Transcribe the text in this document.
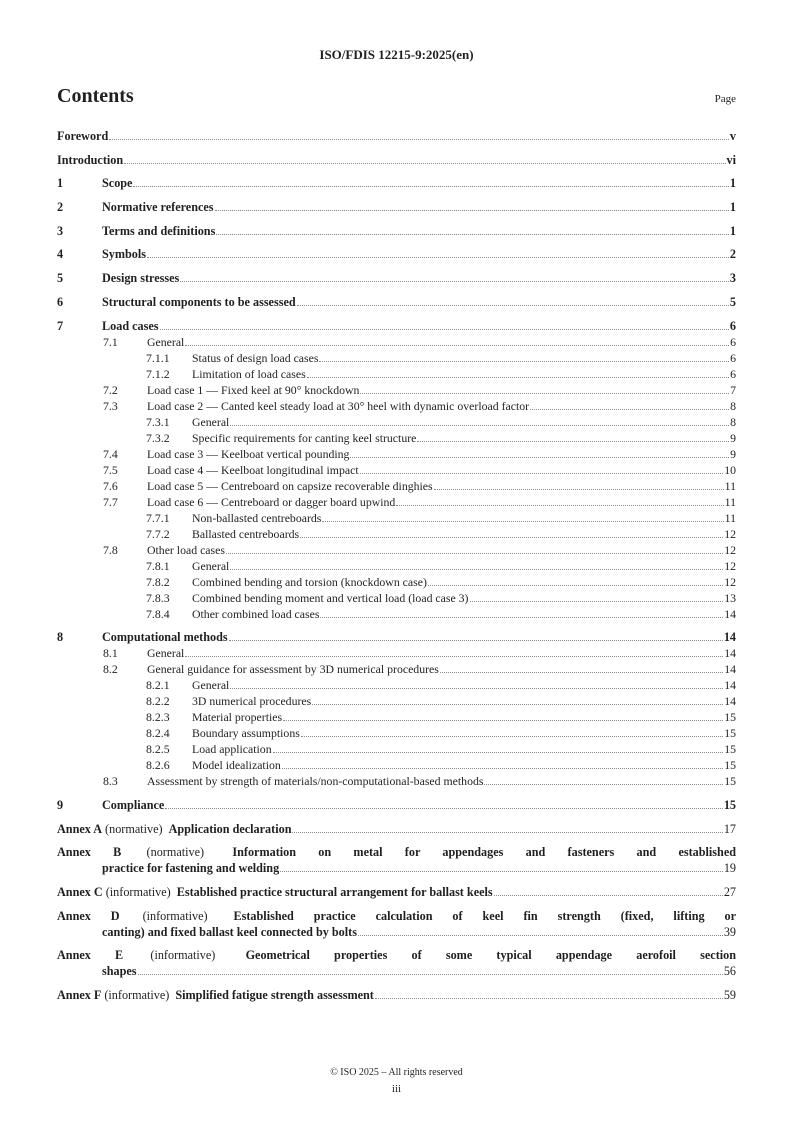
ISO/FDIS 12215-9:2025(en)
Contents	Page
Foreword	v
Introduction	vi
1	Scope	1
2	Normative references	1
3	Terms and definitions	1
4	Symbols	2
5	Design stresses	3
6	Structural components to be assessed	5
7	Load cases	6
7.1	General	6
7.1.1	Status of design load cases	6
7.1.2	Limitation of load cases	6
7.2	Load case 1 — Fixed keel at 90° knockdown	7
7.3	Load case 2 — Canted keel steady load at 30° heel with dynamic overload factor	8
7.3.1	General	8
7.3.2	Specific requirements for canting keel structure	9
7.4	Load case 3 — Keelboat vertical pounding	9
7.5	Load case 4 — Keelboat longitudinal impact	10
7.6	Load case 5 — Centreboard on capsize recoverable dinghies	11
7.7	Load case 6 — Centreboard or dagger board upwind	11
7.7.1	Non-ballasted centreboards	11
7.7.2	Ballasted centreboards	12
7.8	Other load cases	12
7.8.1	General	12
7.8.2	Combined bending and torsion (knockdown case)	12
7.8.3	Combined bending moment and vertical load (load case 3)	13
7.8.4	Other combined load cases	14
8	Computational methods	14
8.1	General	14
8.2	General guidance for assessment by 3D numerical procedures	14
8.2.1	General	14
8.2.2	3D numerical procedures	14
8.2.3	Material properties	15
8.2.4	Boundary assumptions	15
8.2.5	Load application	15
8.2.6	Model idealization	15
8.3	Assessment by strength of materials/non-computational-based methods	15
9	Compliance	15
Annex A (normative) Application declaration	17
Annex B (normative) Information on metal for appendages and fasteners and established
practice for fastening and welding	19
Annex C (informative) Established practice structural arrangement for ballast keels	27
Annex D (informative) Established practice calculation of keel fin strength (fixed, lifting or
canting) and fixed ballast keel connected by bolts	39
Annex E (informative) Geometrical properties of some typical appendage aerofoil section
shapes	56
Annex F (informative) Simplified fatigue strength assessment	59
© ISO 2025 – All rights reserved
iii
